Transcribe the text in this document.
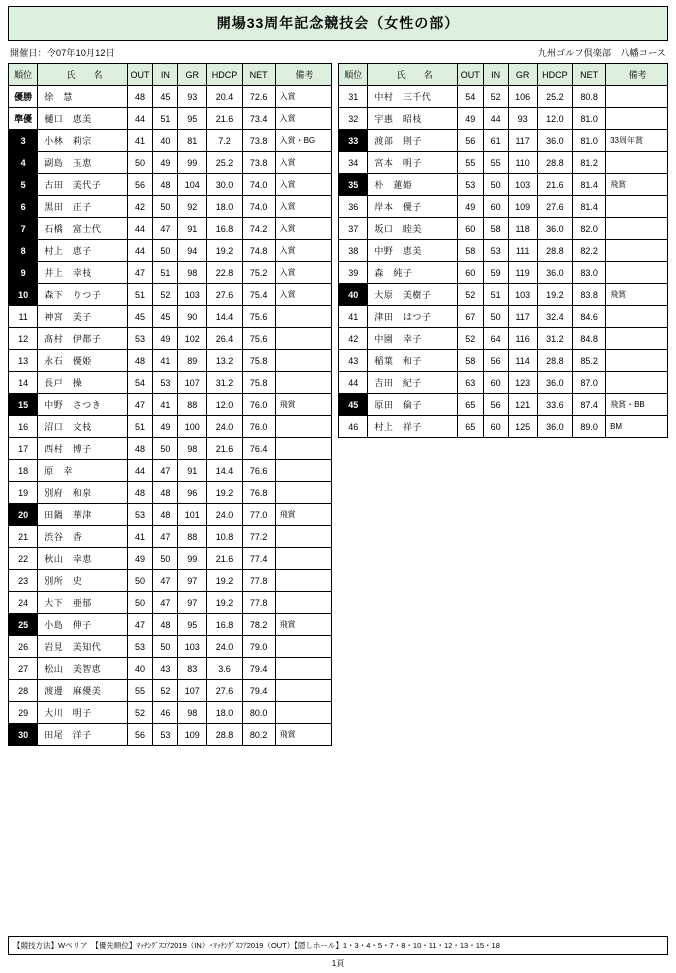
開場33周年記念競技会（女性の部）
開催日：令07年10月12日	九州ゴルフ倶楽部　八幡コース
順位	氏　　名	OUT	IN	GR	HDCP	NET	備考
優勝	徐　慧	48	45	93	20.4	72.6	入賞
準優	樋口　恵美	44	51	95	21.6	73.4	入賞
3	小林　莉宗	41	40	81	7.2	73.8	入賞・BG
4	副島　玉恵	50	49	99	25.2	73.8	入賞
5	古田　美代子	56	48	104	30.0	74.0	入賞
6	黒田　正子	42	50	92	18.0	74.0	入賞
7	石橋　富士代	44	47	91	16.8	74.2	入賞
8	村上　恵子	44	50	94	19.2	74.8	入賞
9	井上　幸枝	47	51	98	22.8	75.2	入賞
10	森下　りつ子	51	52	103	27.6	75.4	入賞
11	神宮　美子	45	45	90	14.4	75.6	
12	髙村　伊都子	53	49	102	26.4	75.6	
13	永石　優姫	48	41	89	13.2	75.8	
14	長戸　操	54	53	107	31.2	75.8	
15	中野　さつき	47	41	88	12.0	76.0	飛賞
16	沼口　文枝	51	49	100	24.0	76.0	
17	西村　博子	48	50	98	21.6	76.4	
18	原　幸	44	47	91	14.4	76.6	
19	別府　和泉	48	48	96	19.2	76.8	
20	田鍋　華津	53	48	101	24.0	77.0	飛賞
21	渋谷　香	41	47	88	10.8	77.2	
22	秋山　幸恵	49	50	99	21.6	77.4	
23	別所　史	50	47	97	19.2	77.8	
24	大下　亜郁	50	47	97	19.2	77.8	
25	小島　伸子	47	48	95	16.8	78.2	飛賞
26	岩見　美知代	53	50	103	24.0	79.0	
27	松山　美智恵	40	43	83	3.6	79.4	
28	渡邊　麻優美	55	52	107	27.6	79.4	
29	大川　明子	52	46	98	18.0	80.0	
30	田尾　洋子	56	53	109	28.8	80.2	飛賞
順位	氏　　名	OUT	IN	GR	HDCP	NET	備考
31	中村　三千代	54	52	106	25.2	80.8	
32	宇惠　昭枝	49	44	93	12.0	81.0	
33	渡部　則子	56	61	117	36.0	81.0	33周年賞
34	宮本　明子	55	55	110	28.8	81.2	
35	朴　蓮姫	53	50	103	21.6	81.4	飛賞
36	岸本　優子	49	60	109	27.6	81.4	
37	坂口　睦美	60	58	118	36.0	82.0	
38	中野　恵美	58	53	111	28.8	82.2	
39	森　純子	60	59	119	36.0	83.0	
40	大原　美樹子	52	51	103	19.2	83.8	飛賞
41	津田　はつ子	67	50	117	32.4	84.6	
42	中園　幸子	52	64	116	31.2	84.8	
43	稲葉　和子	58	56	114	28.8	85.2	
44	吉田　紀子	63	60	123	36.0	87.0	
45	原田　倫子	65	56	121	33.6	87.4	飛賞・BB
46	村上　祥子	65	60	125	36.0	89.0	BM
【競技方法】Wペリア　【優先順位】ﾏｯﾁﾝｸﾞｽｺｱ2019（IN）･ﾏｯﾁﾝｸﾞｽｺｱ2019（OUT）【隠しホール】1・3・4・5・7・8・10・11・12・13・15・18
1頁
